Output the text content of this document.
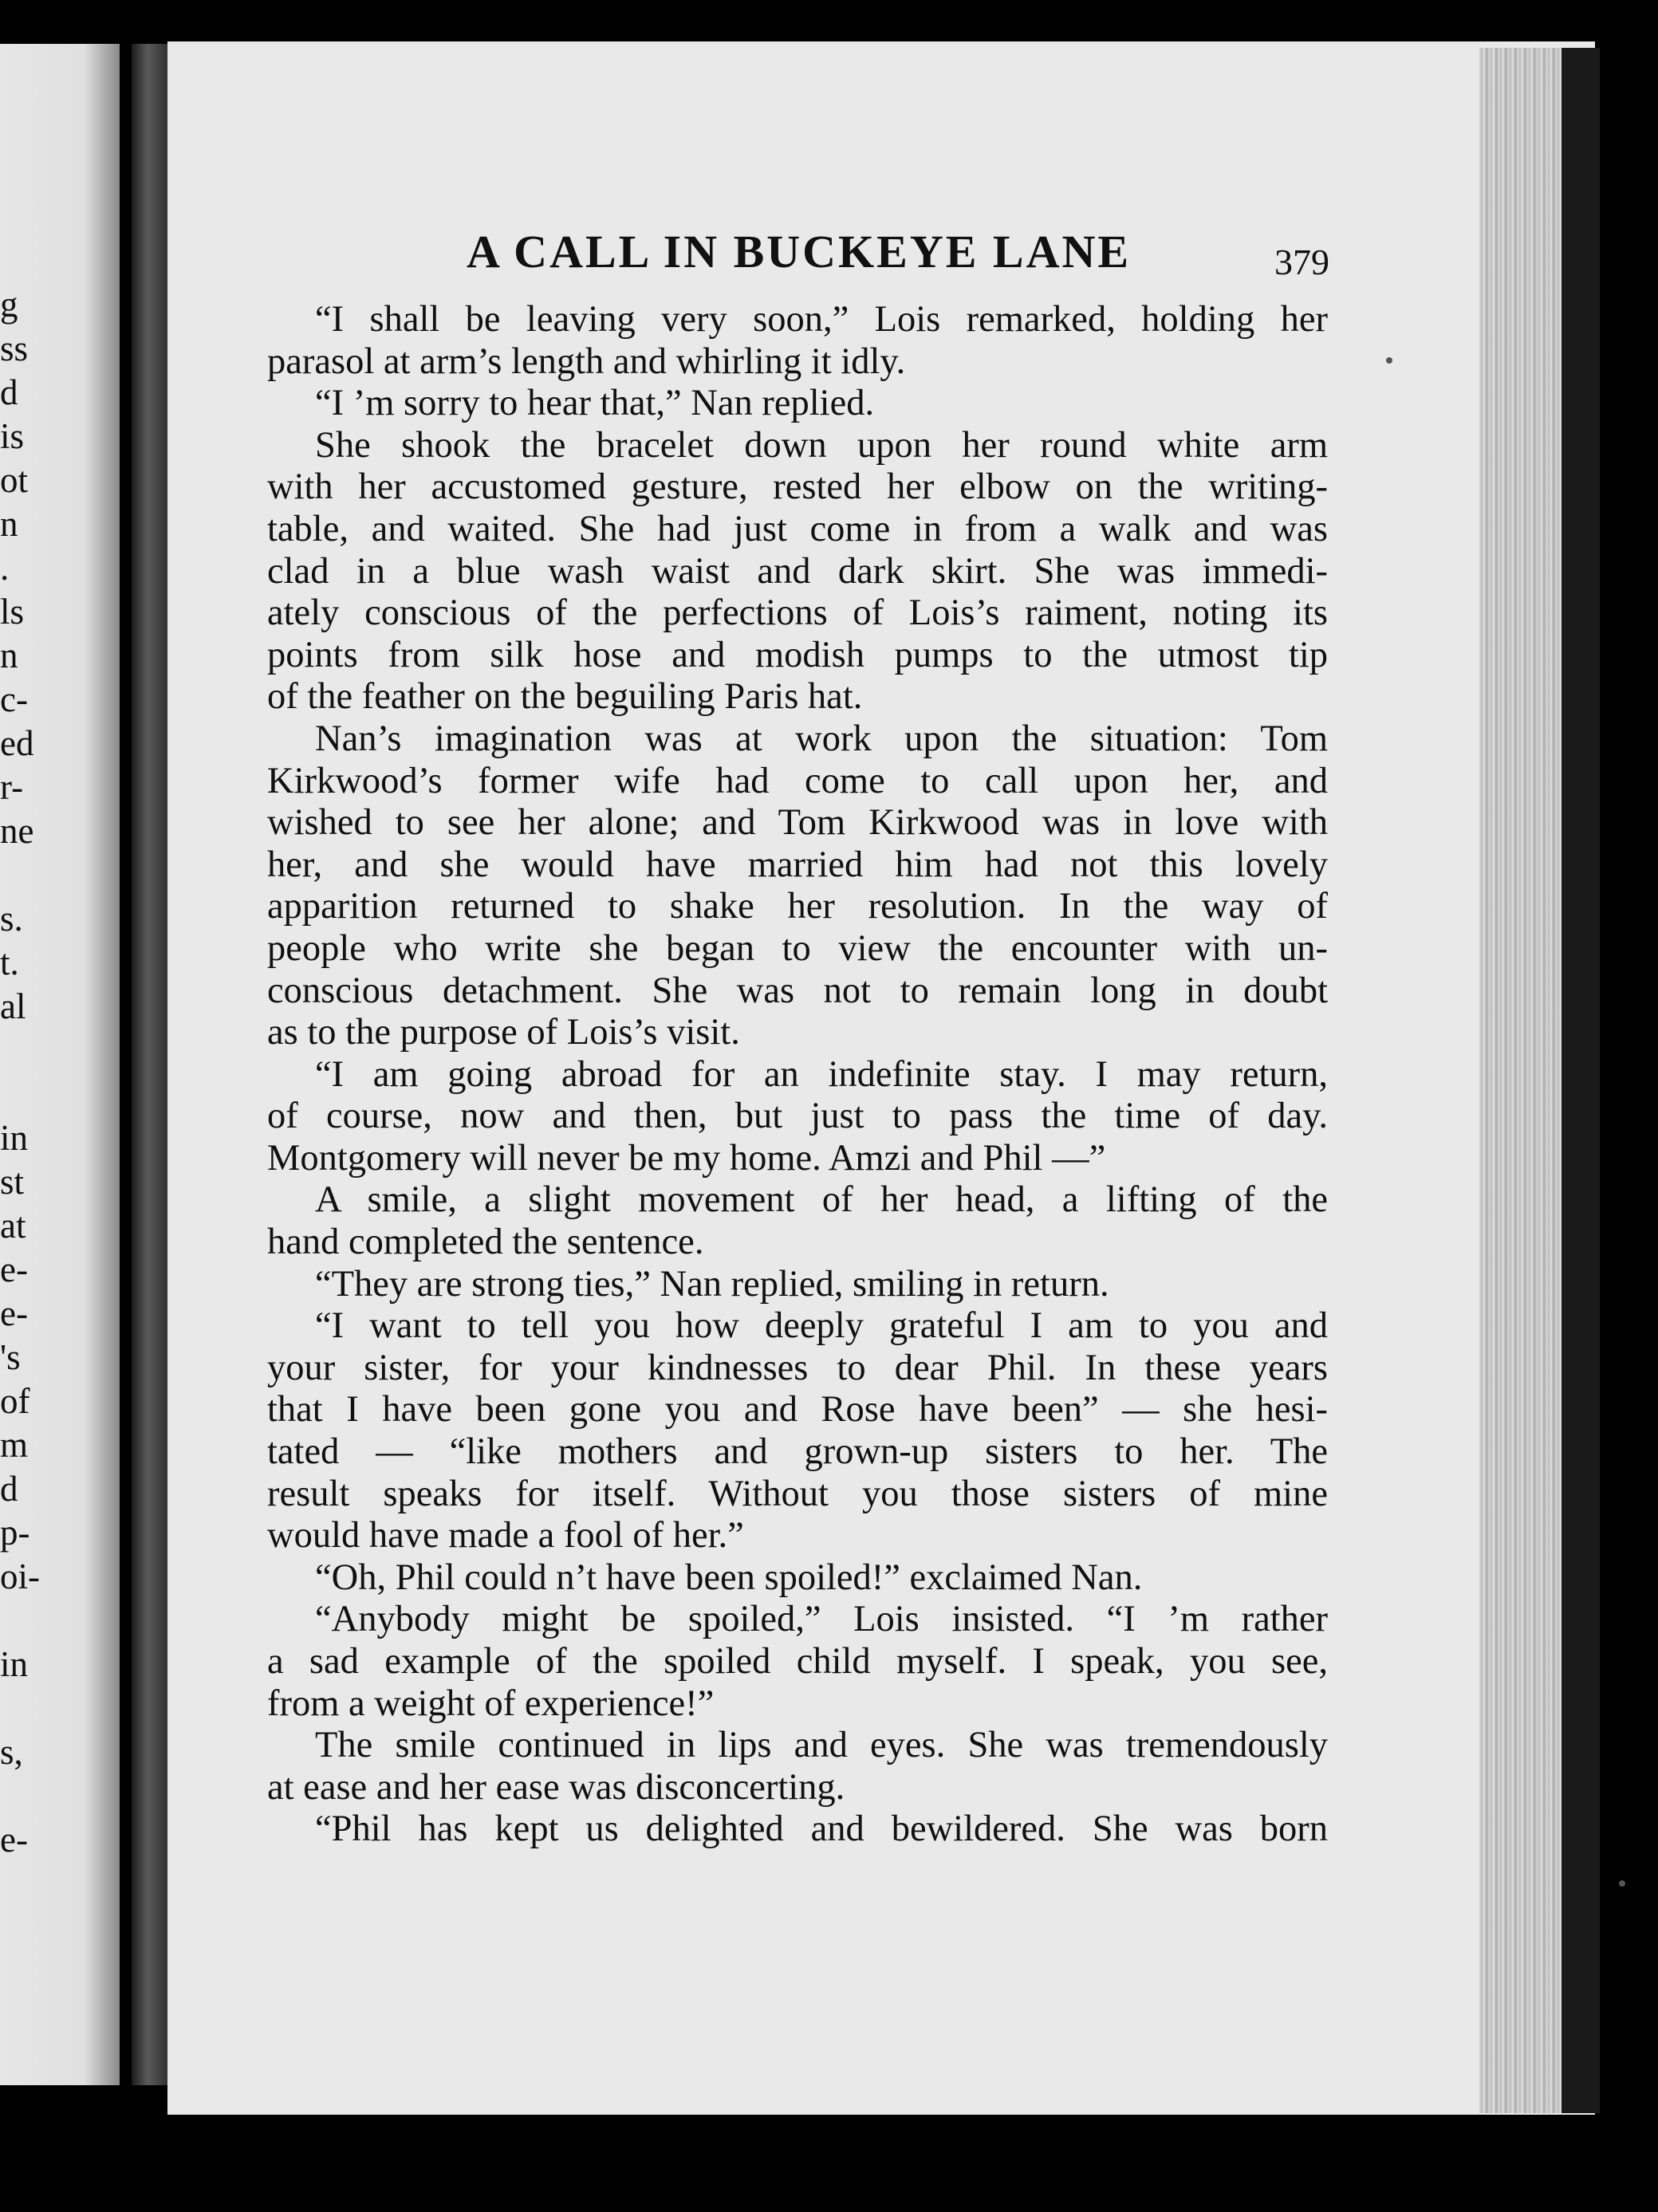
g
ss
d
is
ot
n
.
ls
n
c-
ed
r-
ne
s.
t.
al
in
st
at
e-
e-
's
of
m
d
p-
oi-
in
s,
e-
A CALL IN BUCKEYE LANE	379
“I shall be leaving very soon,” Lois remarked, holding her
parasol at arm’s length and whirling it idly.
“I ’m sorry to hear that,” Nan replied.
She shook the bracelet down upon her round white arm
with her accustomed gesture, rested her elbow on the writing-
table, and waited. She had just come in from a walk and was
clad in a blue wash waist and dark skirt. She was immedi-
ately conscious of the perfections of Lois’s raiment, noting its
points from silk hose and modish pumps to the utmost tip
of the feather on the beguiling Paris hat.
Nan’s imagination was at work upon the situation: Tom
Kirkwood’s former wife had come to call upon her, and
wished to see her alone; and Tom Kirkwood was in love with
her, and she would have married him had not this lovely
apparition returned to shake her resolution. In the way of
people who write she began to view the encounter with un-
conscious detachment. She was not to remain long in doubt
as to the purpose of Lois’s visit.
“I am going abroad for an indefinite stay. I may return,
of course, now and then, but just to pass the time of day.
Montgomery will never be my home. Amzi and Phil —”
A smile, a slight movement of her head, a lifting of the
hand completed the sentence.
“They are strong ties,” Nan replied, smiling in return.
“I want to tell you how deeply grateful I am to you and
your sister, for your kindnesses to dear Phil. In these years
that I have been gone you and Rose have been” — she hesi-
tated — “like mothers and grown-up sisters to her. The
result speaks for itself. Without you those sisters of mine
would have made a fool of her.”
“Oh, Phil could n’t have been spoiled!” exclaimed Nan.
“Anybody might be spoiled,” Lois insisted. “I ’m rather
a sad example of the spoiled child myself. I speak, you see,
from a weight of experience!”
The smile continued in lips and eyes. She was tremendously
at ease and her ease was disconcerting.
“Phil has kept us delighted and bewildered. She was born
